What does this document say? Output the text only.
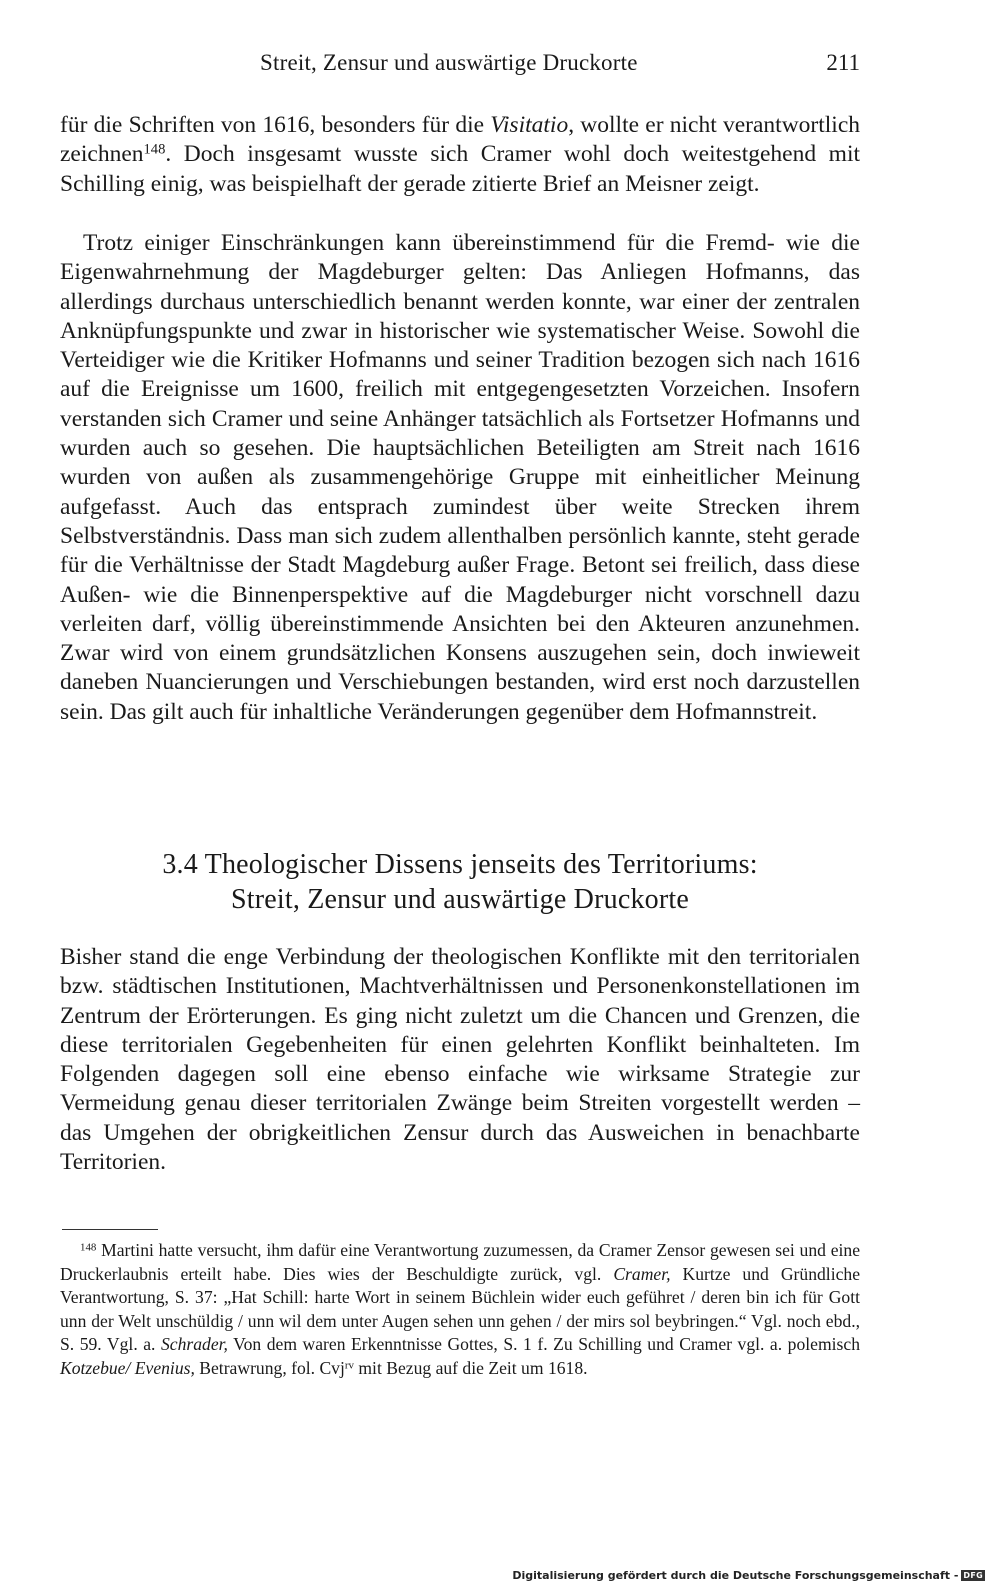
Streit, Zensur und auswärtige Druckorte	211

für die Schriften von 1616, besonders für die Visitatio, wollte er nicht verantwortlich zeichnen$^{148}$. Doch insgesamt wusste sich Cramer wohl doch weitestgehend mit Schilling einig, was beispielhaft der gerade zitierte Brief an Meisner zeigt.

Trotz einiger Einschränkungen kann übereinstimmend für die Fremd- wie die Eigenwahrnehmung der Magdeburger gelten: Das Anliegen Hofmanns, das allerdings durchaus unterschiedlich benannt werden konnte, war einer der zentralen Anknüpfungspunkte und zwar in historischer wie systematischer Weise. Sowohl die Verteidiger wie die Kritiker Hofmanns und seiner Tradition bezogen sich nach 1616 auf die Ereignisse um 1600, freilich mit entgegengesetzten Vorzeichen. Insofern verstanden sich Cramer und seine Anhänger tatsächlich als Fortsetzer Hofmanns und wurden auch so gesehen. Die hauptsächlichen Beteiligten am Streit nach 1616 wurden von außen als zusammengehörige Gruppe mit einheitlicher Meinung aufgefasst. Auch das entsprach zumindest über weite Strecken ihrem Selbstverständnis. Dass man sich zudem allenthalben persönlich kannte, steht gerade für die Verhältnisse der Stadt Magdeburg außer Frage. Betont sei freilich, dass diese Außen- wie die Binnenperspektive auf die Magdeburger nicht vorschnell dazu verleiten darf, völlig übereinstimmende Ansichten bei den Akteuren anzunehmen. Zwar wird von einem grundsätzlichen Konsens auszugehen sein, doch inwieweit daneben Nuancierungen und Verschiebungen bestanden, wird erst noch darzustellen sein. Das gilt auch für inhaltliche Veränderungen gegenüber dem Hofmannstreit.

3.4 Theologischer Dissens jenseits des Territoriums:
Streit, Zensur und auswärtige Druckorte

Bisher stand die enge Verbindung der theologischen Konflikte mit den territorialen bzw. städtischen Institutionen, Machtverhältnissen und Personenkonstellationen im Zentrum der Erörterungen. Es ging nicht zuletzt um die Chancen und Grenzen, die diese territorialen Gegebenheiten für einen gelehrten Konflikt beinhalteten. Im Folgenden dagegen soll eine ebenso einfache wie wirksame Strategie zur Vermeidung genau dieser territorialen Zwänge beim Streiten vorgestellt werden – das Umgehen der obrigkeitlichen Zensur durch das Ausweichen in benachbarte Territorien.

$^{148}$ Martini hatte versucht, ihm dafür eine Verantwortung zuzumessen, da Cramer Zensor gewesen sei und eine Druckerlaubnis erteilt habe. Dies wies der Beschuldigte zurück, vgl. Cramer, Kurtze und Gründliche Verantwortung, S. 37: „Hat Schill: harte Wort in seinem Büchlein wider euch geführet / deren bin ich für Gott unn der Welt unschüldig / unn wil dem unter Augen sehen unn gehen / der mirs sol beybringen.“ Vgl. noch ebd., S. 59. Vgl. a. Schrader, Von dem waren Erkenntnisse Gottes, S. 1 f. Zu Schilling und Cramer vgl. a. polemisch Kotzebue/ Evenius, Betrawrung, fol. Cvj$^{rv}$ mit Bezug auf die Zeit um 1618.

Digitalisierung gefördert durch die Deutsche Forschungsgemeinschaft - DFG
